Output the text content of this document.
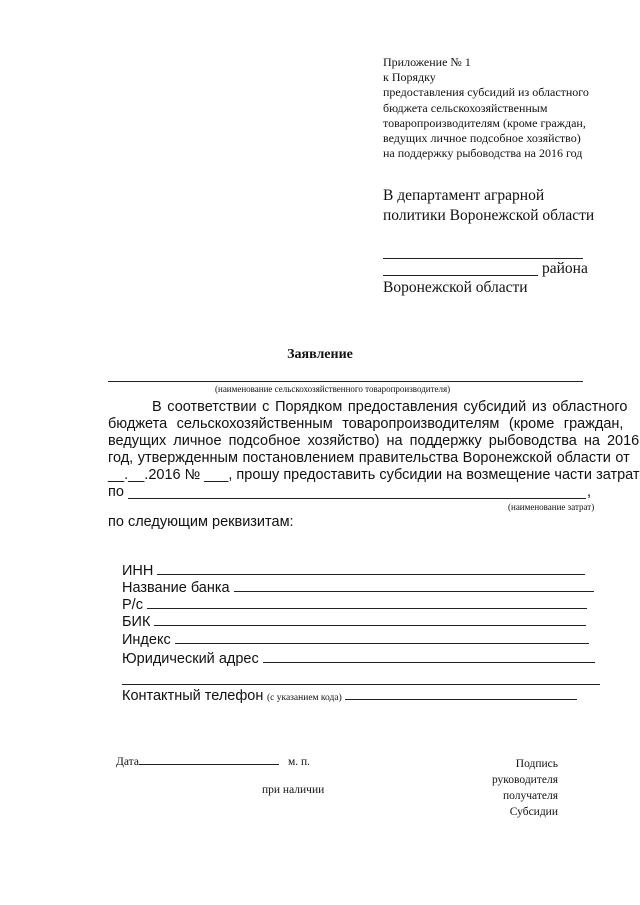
Приложение № 1
к Порядку
предоставления субсидий из областного
бюджета сельскохозяйственным
товаропроизводителям (кроме граждан,
ведущих личное подсобное хозяйство)
на поддержку рыбоводства на 2016 год
В департамент аграрной
политики Воронежской области
района
Воронежской области
Заявление
(наименование сельскохозяйственного товаропроизводителя)
В соответствии с Порядком предоставления субсидий из областного
бюджета сельскохозяйственным товаропроизводителям (кроме граждан,
ведущих личное подсобное хозяйство) на поддержку рыбоводства на 2016
год, утвержденным постановлением правительства Воронежской области от
__.__.2016 № ___, прошу предоставить субсидии на возмещение части затрат
по	,
(наименование затрат)
по следующим реквизитам:
ИНН
Название банка
Р/с
БИК
Индекс
Юридический адрес
Контактный телефон (с указанием кода)
Дата	м. п.
при наличии
Подпись руководителя
получателя Субсидии
